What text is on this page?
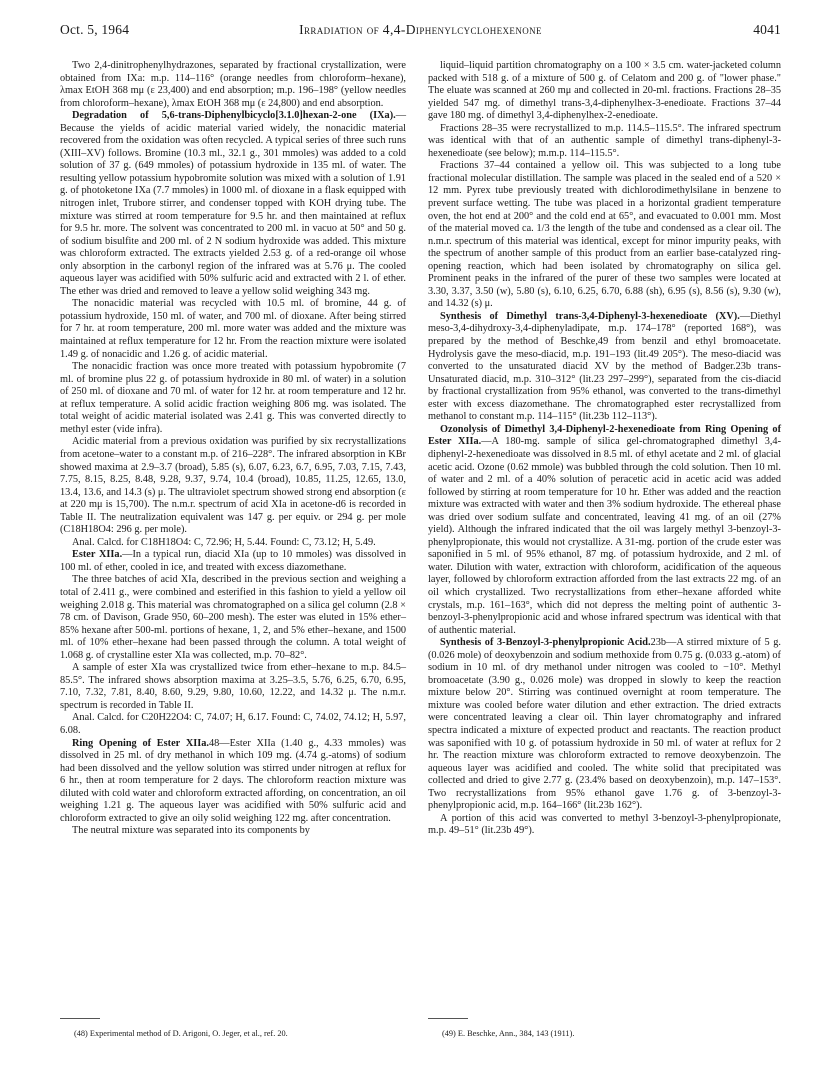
Oct. 5, 1964	Irradiation of 4,4-Diphenylcyclohexenone	4041

Two 2,4-dinitrophenylhydrazones, separated by fractional crystallization, were obtained from IXa: m.p. 114–116° (orange needles from chloroform–hexane), λmax EtOH 368 mμ (ε 23,400) and end absorption; m.p. 196–198° (yellow needles from chloroform–hexane), λmax EtOH 368 mμ (ε 24,800) and end absorption.

Degradation of 5,6-trans-Diphenylbicyclo[3.1.0]hexan-2-one (IXa).—Because the yields of acidic material varied widely, the nonacidic material recovered from the oxidation was often recycled. A typical series of three such runs (XIII–XV) follows. Bromine (10.3 ml., 32.1 g., 301 mmoles) was added to a cold solution of 37 g. (649 mmoles) of potassium hydroxide in 135 ml. of water. The resulting yellow potassium hypobromite solution was mixed with a solution of 1.91 g. of photoketone IXa (7.7 mmoles) in 1000 ml. of dioxane in a flask equipped with nitrogen inlet, Trubore stirrer, and condenser topped with KOH drying tube. The mixture was stirred at room temperature for 9.5 hr. and then maintained at reflux for 9.5 hr. more. The solvent was concentrated to 200 ml. in vacuo at 50° and 50 g. of sodium bisulfite and 200 ml. of 2 N sodium hydroxide was added. This mixture was chloroform extracted. The extracts yielded 2.53 g. of a red-orange oil whose only absorption in the carbonyl region of the infrared was at 5.76 μ. The cooled aqueous layer was acidified with 50% sulfuric acid and extracted with 2 l. of ether. The ether was dried and removed to leave a yellow solid weighing 343 mg.

The nonacidic material was recycled with 10.5 ml. of bromine, 44 g. of potassium hydroxide, 150 ml. of water, and 700 ml. of dioxane. After being stirred for 7 hr. at room temperature, 200 ml. more water was added and the mixture was maintained at reflux temperature for 12 hr. From the reaction mixture were isolated 1.49 g. of nonacidic and 1.26 g. of acidic material.

The nonacidic fraction was once more treated with potassium hypobromite (7 ml. of bromine plus 22 g. of potassium hydroxide in 80 ml. of water) in a solution of 250 ml. of dioxane and 70 ml. of water for 12 hr. at room temperature and 12 hr. at reflux temperature. A solid acidic fraction weighing 806 mg. was isolated. The total weight of acidic material isolated was 2.41 g. This was converted directly to methyl ester (vide infra).

Acidic material from a previous oxidation was purified by six recrystallizations from acetone–water to a constant m.p. of 216–228°. The infrared absorption in KBr showed maxima at 2.9–3.7 (broad), 5.85 (s), 6.07, 6.23, 6.7, 6.95, 7.03, 7.15, 7.43, 7.75, 8.15, 8.25, 8.48, 9.28, 9.37, 9.74, 10.4 (broad), 10.85, 11.25, 12.65, 13.0, 13.4, 13.6, and 14.3 (s) μ. The ultraviolet spectrum showed strong end absorption (ε at 220 mμ is 15,700). The n.m.r. spectrum of acid XIa in acetone-d6 is recorded in Table II. The neutralization equivalent was 147 g. per equiv. or 294 g. per mole (C18H18O4: 296 g. per mole).

Anal. Calcd. for C18H18O4: C, 72.96; H, 5.44. Found: C, 73.12; H, 5.49.

Ester XIIa.—In a typical run, diacid XIa (up to 10 mmoles) was dissolved in 100 ml. of ether, cooled in ice, and treated with excess diazomethane.

The three batches of acid XIa, described in the previous section and weighing a total of 2.411 g., were combined and esterified in this fashion to yield a yellow oil weighing 2.018 g. This material was chromatographed on a silica gel column (2.8 × 78 cm. of Davison, Grade 950, 60–200 mesh). The ester was eluted in 15% ether–85% hexane after 500-ml. portions of hexane, 1, 2, and 5% ether–hexane, and 1500 ml. of 10% ether–hexane had been passed through the column. A total weight of 1.068 g. of crystalline ester XIa was collected, m.p. 70–82°.

A sample of ester XIa was crystallized twice from ether–hexane to m.p. 84.5–85.5°. The infrared shows absorption maxima at 3.25–3.5, 5.76, 6.25, 6.70, 6.95, 7.10, 7.32, 7.81, 8.40, 8.60, 9.29, 9.80, 10.60, 12.22, and 14.32 μ. The n.m.r. spectrum is recorded in Table II.

Anal. Calcd. for C20H22O4: C, 74.07; H, 6.17. Found: C, 74.02, 74.12; H, 5.97, 6.08.

Ring Opening of Ester XIIa.48—Ester XIIa (1.40 g., 4.33 mmoles) was dissolved in 25 ml. of dry methanol in which 109 mg. (4.74 g.-atoms) of sodium had been dissolved and the yellow solution was stirred under nitrogen at reflux for 6 hr., then at room temperature for 2 days. The chloroform reaction mixture was diluted with cold water and chloroform extracted affording, on concentration, an oil weighing 1.21 g. The aqueous layer was acidified with 50% sulfuric acid and chloroform extracted to give an oily solid weighing 122 mg. after concentration.

The neutral mixture was separated into its components by

liquid–liquid partition chromatography on a 100 × 3.5 cm. water-jacketed column packed with 518 g. of a mixture of 500 g. of Celatom and 200 g. of "lower phase." The eluate was scanned at 260 mμ and collected in 20-ml. fractions. Fractions 28–35 yielded 547 mg. of dimethyl trans-3,4-diphenylhex-3-enedioate. Fractions 37–44 gave 180 mg. of dimethyl 3,4-diphenylhex-2-enedioate.

Fractions 28–35 were recrystallized to m.p. 114.5–115.5°. The infrared spectrum was identical with that of an authentic sample of dimethyl trans-diphenyl-3-hexenedioate (see below); m.m.p. 114–115.5°.

Fractions 37–44 contained a yellow oil. This was subjected to a long tube fractional molecular distillation. The sample was placed in the sealed end of a 520 × 12 mm. Pyrex tube previously treated with dichlorodimethylsilane in benzene to prevent surface wetting. The tube was placed in a horizontal gradient temperature oven, the hot end at 200° and the cold end at 65°, and evacuated to 0.001 mm. Most of the material moved ca. 1/3 the length of the tube and condensed as a clear oil. The n.m.r. spectrum of this material was identical, except for minor impurity peaks, with the spectrum of another sample of this product from an earlier base-catalyzed ring-opening reaction, which had been isolated by chromatography on silica gel. Prominent peaks in the infrared of the purer of these two samples were located at 3.30, 3.37, 3.50 (w), 5.80 (s), 6.10, 6.25, 6.70, 6.88 (sh), 6.95 (s), 8.56 (s), 9.30 (w), and 14.32 (s) μ.

Synthesis of Dimethyl trans-3,4-Diphenyl-3-hexenedioate (XV).—Diethyl meso-3,4-dihydroxy-3,4-diphenyladipate, m.p. 174–178° (reported 168°), was prepared by the method of Beschke,49 from benzil and ethyl bromoacetate. Hydrolysis gave the meso-diacid, m.p. 191–193 (lit.49 205°). The meso-diacid was converted to the unsaturated diacid XV by the method of Badger.23b trans-Unsaturated diacid, m.p. 310–312° (lit.23 297–299°), separated from the cis-diacid by fractional crystallization from 95% ethanol, was converted to the trans-dimethyl ester with excess diazomethane. The chromatographed ester recrystallized from methanol to constant m.p. 114–115° (lit.23b 112–113°).

Ozonolysis of Dimethyl 3,4-Diphenyl-2-hexenedioate from Ring Opening of Ester XIIa.—A 180-mg. sample of silica gel-chromatographed dimethyl 3,4-diphenyl-2-hexenedioate was dissolved in 8.5 ml. of ethyl acetate and 2 ml. of glacial acetic acid. Ozone (0.62 mmole) was bubbled through the cold solution. Then 10 ml. of water and 2 ml. of a 40% solution of peracetic acid in acetic acid was added followed by stirring at room temperature for 10 hr. Ether was added and the reaction mixture was extracted with water and then 3% sodium hydroxide. The ethereal phase was dried over sodium sulfate and concentrated, leaving 41 mg. of an oil (27% yield). Although the infrared indicated that the oil was largely methyl 3-benzoyl-3-phenylpropionate, this would not crystallize. A 31-mg. portion of the crude ester was saponified in 5 ml. of 95% ethanol, 87 mg. of potassium hydroxide, and 2 ml. of water. Dilution with water, extraction with chloroform, acidification of the aqueous layer, followed by chloroform extraction afforded from the last extracts 22 mg. of an oil which crystallized. Two recrystallizations from ether–hexane afforded white crystals, m.p. 161–163°, which did not depress the melting point of authentic 3-benzoyl-3-phenylpropionic acid and whose infrared spectrum was identical with that of authentic material.

Synthesis of 3-Benzoyl-3-phenylpropionic Acid.23b—A stirred mixture of 5 g. (0.026 mole) of deoxybenzoin and sodium methoxide from 0.75 g. (0.033 g.-atom) of sodium in 10 ml. of dry methanol under nitrogen was cooled to −10°. Methyl bromoacetate (3.90 g., 0.026 mole) was dropped in slowly to keep the reaction mixture below 20°. Stirring was continued overnight at room temperature. The mixture was cooled before water dilution and ether extraction. The dried extracts were concentrated leaving a clear oil. Thin layer chromatography and infrared spectra indicated a mixture of expected product and reactants. The reaction product was saponified with 10 g. of potassium hydroxide in 50 ml. of water at reflux for 2 hr. The reaction mixture was chloroform extracted to remove deoxybenzoin. The aqueous layer was acidified and cooled. The white solid that precipitated was collected and dried to give 2.77 g. (23.4% based on deoxybenzoin), m.p. 147–153°. Two recrystallizations from 95% ethanol gave 1.76 g. of 3-benzoyl-3-phenylpropionic acid, m.p. 164–166° (lit.23b 162°).

A portion of this acid was converted to methyl 3-benzoyl-3-phenylpropionate, m.p. 49–51° (lit.23b 49°).

(48) Experimental method of D. Arigoni, O. Jeger, et al., ref. 20.	(49) E. Beschke, Ann., 384, 143 (1911).
